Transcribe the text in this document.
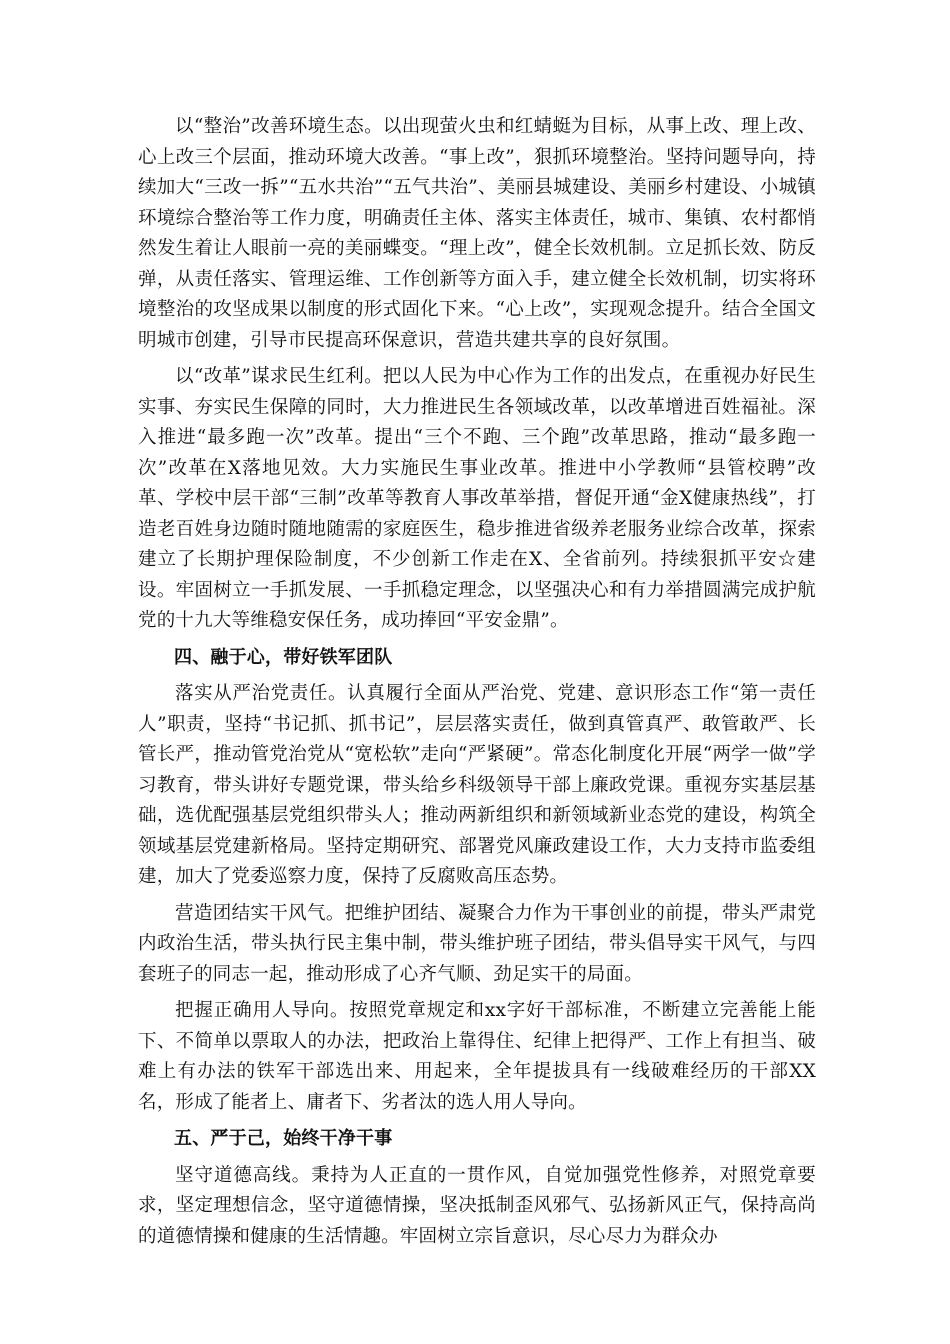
以“整治”改善环境生态。以出现萤火虫和红蜻蜓为目标，从事上改、理上改、心上改三个层面，推动环境大改善。“事上改”，狠抓环境整治。坚持问题导向，持续加大“三改一拆”“五水共治”“五气共治”、美丽县城建设、美丽乡村建设、小城镇环境综合整治等工作力度，明确责任主体、落实主体责任，城市、集镇、农村都悄然发生着让人眼前一亮的美丽蝶变。“理上改”，健全长效机制。立足抓长效、防反弹，从责任落实、管理运维、工作创新等方面入手，建立健全长效机制，切实将环境整治的攻坚成果以制度的形式固化下来。“心上改”，实现观念提升。结合全国文明城市创建，引导市民提高环保意识，营造共建共享的良好氛围。

以“改革”谋求民生红利。把以人民为中心作为工作的出发点，在重视办好民生实事、夯实民生保障的同时，大力推进民生各领域改革，以改革增进百姓福祉。深入推进“最多跑一次”改革。提出“三个不跑、三个跑”改革思路，推动“最多跑一次”改革在X落地见效。大力实施民生事业改革。推进中小学教师“县管校聘”改革、学校中层干部“三制”改革等教育人事改革举措，督促开通“金X健康热线”，打造老百姓身边随时随地随需的家庭医生，稳步推进省级养老服务业综合改革，探索建立了长期护理保险制度，不少创新工作走在X、全省前列。持续狠抓平安☆建设。牢固树立一手抓发展、一手抓稳定理念，以坚强决心和有力举措圆满完成护航党的十九大等维稳安保任务，成功捧回“平安金鼎”。

四、融于心，带好铁军团队

落实从严治党责任。认真履行全面从严治党、党建、意识形态工作“第一责任人”职责，坚持“书记抓、抓书记”，层层落实责任，做到真管真严、敢管敢严、长管长严，推动管党治党从“宽松软”走向“严紧硬”。常态化制度化开展“两学一做”学习教育，带头讲好专题党课，带头给乡科级领导干部上廉政党课。重视夯实基层基础，选优配强基层党组织带头人；推动两新组织和新领域新业态党的建设，构筑全领域基层党建新格局。坚持定期研究、部署党风廉政建设工作，大力支持市监委组建，加大了党委巡察力度，保持了反腐败高压态势。

营造团结实干风气。把维护团结、凝聚合力作为干事创业的前提，带头严肃党内政治生活，带头执行民主集中制，带头维护班子团结，带头倡导实干风气，与四套班子的同志一起，推动形成了心齐气顺、劲足实干的局面。

把握正确用人导向。按照党章规定和xx字好干部标准，不断建立完善能上能下、不简单以票取人的办法，把政治上靠得住、纪律上把得严、工作上有担当、破难上有办法的铁军干部选出来、用起来，全年提拔具有一线破难经历的干部XX名，形成了能者上、庸者下、劣者汰的选人用人导向。

五、严于己，始终干净干事

坚守道德高线。秉持为人正直的一贯作风，自觉加强党性修养，对照党章要求，坚定理想信念，坚守道德情操，坚决抵制歪风邪气、弘扬新风正气，保持高尚的道德情操和健康的生活情趣。牢固树立宗旨意识，尽心尽力为群众办
